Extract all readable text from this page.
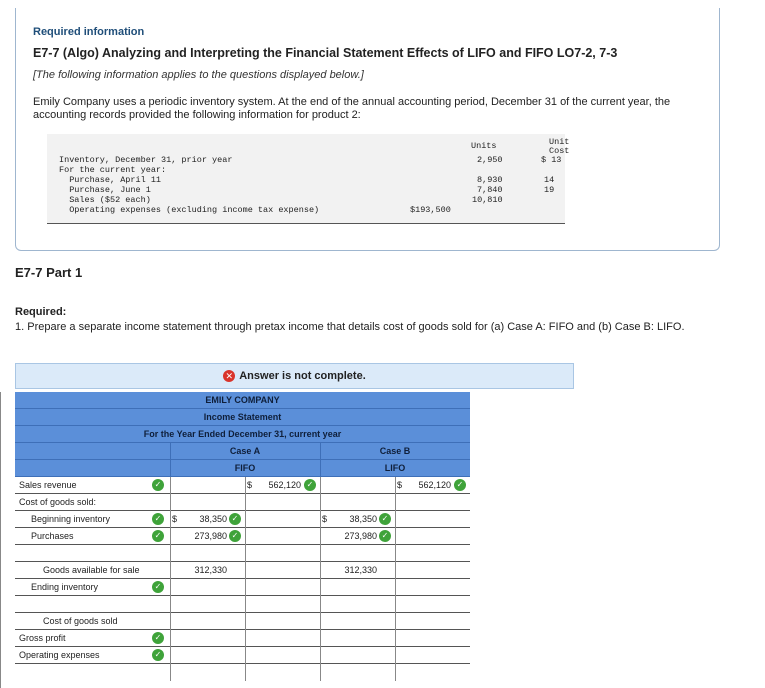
Required information
E7-7 (Algo) Analyzing and Interpreting the Financial Statement Effects of LIFO and FIFO LO7-2, 7-3
[The following information applies to the questions displayed below.]
Emily Company uses a periodic inventory system. At the end of the annual accounting period, December 31 of the current year, the accounting records provided the following information for product 2:
Unit
Cost
Units
Inventory, December 31, prior year	2,950	$ 13
For the current year:
Purchase, April 11	8,930	14
Purchase, June 1	7,840	19
Sales ($52 each)	10,810
Operating expenses (excluding income tax expense)	$193,500
E7-7 Part 1
Required:
1. Prepare a separate income statement through pretax income that details cost of goods sold for (a) Case A: FIFO and (b) Case B: LIFO.
✕ Answer is not complete.
EMILY COMPANY
Income Statement
For the Year Ended December 31, current year
Case A	Case B
FIFO	LIFO
Sales revenue	✓	$	562,120 ✓	$	562,120 ✓
Cost of goods sold:
Beginning inventory	✓ $	38,350 ✓	$	38,350 ✓
Purchases	✓	273,980 ✓	273,980 ✓
Goods available for sale	312,330	312,330
Ending inventory	✓
Cost of goods sold
Gross profit	✓
Operating expenses	✓
